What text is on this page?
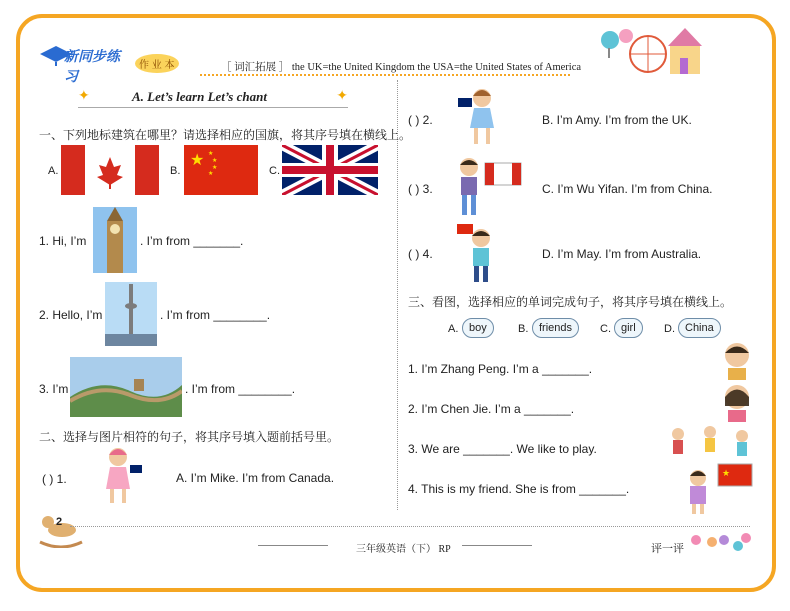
新同步练习
作 业 本	［ 词汇拓展 ］ the UK=the United Kingdom the USA=the United States of America
✦	A. Let’s learn Let’s chant	✦
一、下列地标建筑在哪里？请选择相应的国旗，将其序号填在横线上。
A.	B.
★ ★
★
★
★	C.
1. Hi, I’m	. I’m from _______.
2. Hello, I’m	. I’m from ________.
3. I’m	. I’m from ________.
二、选择与图片相符的句子，将其序号填入题前括号里。
( ) 1.	A. I’m Mike. I’m from Canada.
( ) 2.	B. I’m Amy. I’m from the UK.
( ) 3.	C. I’m Wu Yifan. I’m from China.
( ) 4.	D. I’m May. I’m from Australia.
三、看图，选择相应的单词完成句子，将其序号填在横线上。
A. boy	B. friends	C. girl	D. China
1. I’m Zhang Peng. I’m a _______.
2. I’m Chen Jie. I’m a _______.
3. We are _______. We like to play.
4. This is my friend. She is from _______.
★
2
三年级英语（下） RP	评一评
